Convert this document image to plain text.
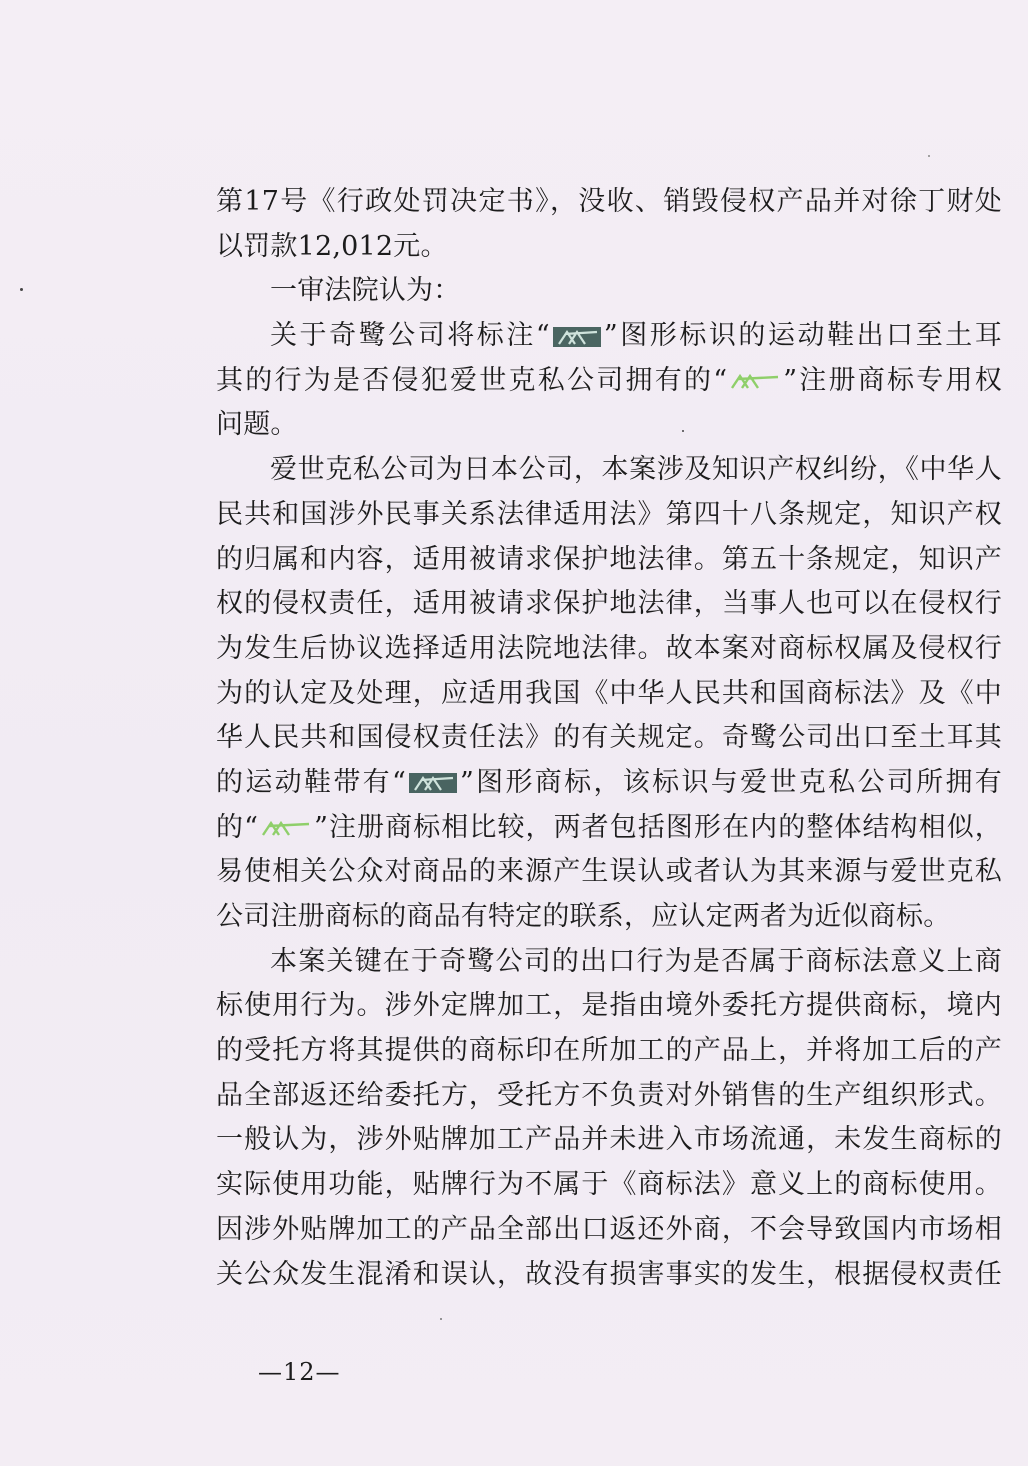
第17号《行政处罚决定书》，没收、销毁侵权产品并对徐丁财处
以罚款12,012元。
一审法院认为：
关于奇鹭公司将标注“ ”图形标识的运动鞋出口至土耳
其的行为是否侵犯爱世克私公司拥有的“ ”注册商标专用权
问题。
爱世克私公司为日本公司，本案涉及知识产权纠纷，《中华人
民共和国涉外民事关系法律适用法》第四十八条规定，知识产权
的归属和内容，适用被请求保护地法律。第五十条规定，知识产
权的侵权责任，适用被请求保护地法律，当事人也可以在侵权行
为发生后协议选择适用法院地法律。故本案对商标权属及侵权行
为的认定及处理，应适用我国《中华人民共和国商标法》及《中
华人民共和国侵权责任法》的有关规定。奇鹭公司出口至土耳其
的运动鞋带有“ ”图形商标，该标识与爱世克私公司所拥有
的“ ”注册商标相比较，两者包括图形在内的整体结构相似，
易使相关公众对商品的来源产生误认或者认为其来源与爱世克私
公司注册商标的商品有特定的联系，应认定两者为近似商标。
本案关键在于奇鹭公司的出口行为是否属于商标法意义上商
标使用行为。涉外定牌加工，是指由境外委托方提供商标，境内
的受托方将其提供的商标印在所加工的产品上，并将加工后的产
品全部返还给委托方，受托方不负责对外销售的生产组织形式。
一般认为，涉外贴牌加工产品并未进入市场流通，未发生商标的
实际使用功能，贴牌行为不属于《商标法》意义上的商标使用。
因涉外贴牌加工的产品全部出口返还外商，不会导致国内市场相
关公众发生混淆和误认，故没有损害事实的发生，根据侵权责任
—12—
